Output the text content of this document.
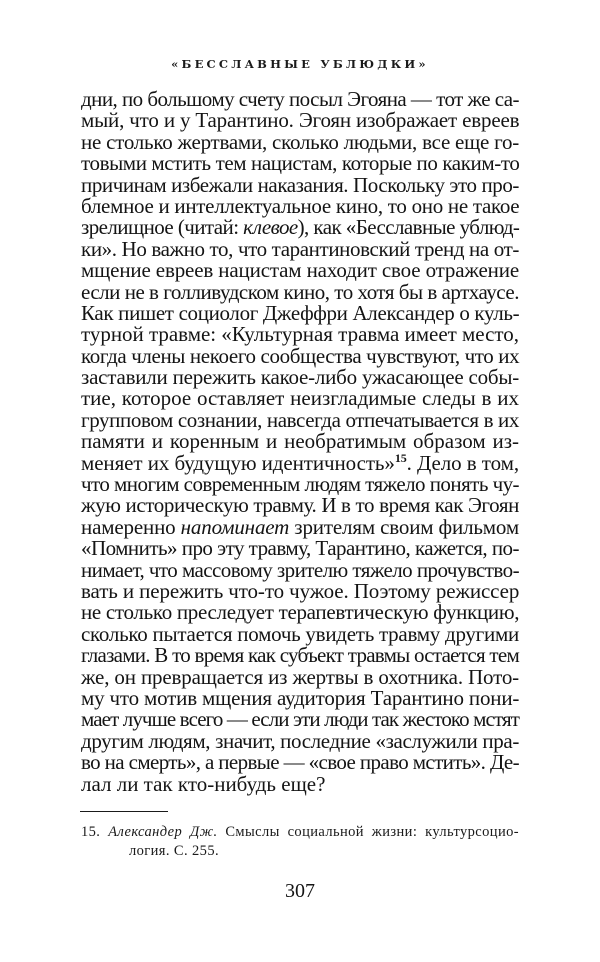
«БЕССЛАВНЫЕ УБЛЮДКИ»
дни, по большому счету посыл Эгояна — тот же са-
мый, что и у Тарантино. Эгоян изображает евреев
не столько жертвами, сколько людьми, все еще го-
товыми мстить тем нацистам, которые по каким-то
причинам избежали наказания. Поскольку это про-
блемное и интеллектуальное кино, то оно не такое
зрелищное (читай: клевое), как «Бесславные ублюд-
ки». Но важно то, что тарантиновский тренд на от-
мщение евреев нацистам находит свое отражение
если не в голливудском кино, то хотя бы в артхаусе.
Как пишет социолог Джеффри Александер о куль-
турной травме: «Культурная травма имеет место,
когда члены некоего сообщества чувствуют, что их
заставили пережить какое-либо ужасающее собы-
тие, которое оставляет неизгладимые следы в их
групповом сознании, навсегда отпечатывается в их
памяти и коренным и необратимым образом из-
меняет их будущую идентичность»$^{15}$. Дело в том,
что многим современным людям тяжело понять чу-
жую историческую травму. И в то время как Эгоян
намеренно напоминает зрителям своим фильмом
«Помнить» про эту травму, Тарантино, кажется, по-
нимает, что массовому зрителю тяжело прочувство-
вать и пережить что-то чужое. Поэтому режиссер
не столько преследует терапевтическую функцию,
сколько пытается помочь увидеть травму другими
глазами. В то время как субъект травмы остается тем
же, он превращается из жертвы в охотника. Пото-
му что мотив мщения аудитория Тарантино пони-
мает лучше всего — если эти люди так жестоко мстят
другим людям, значит, последние «заслужили пра-
во на смерть», а первые — «свое право мстить». Де-
лал ли так кто-нибудь еще?
15. Александер Дж. Смыслы социальной жизни: культурсоцио-
логия. С. 255.
307
